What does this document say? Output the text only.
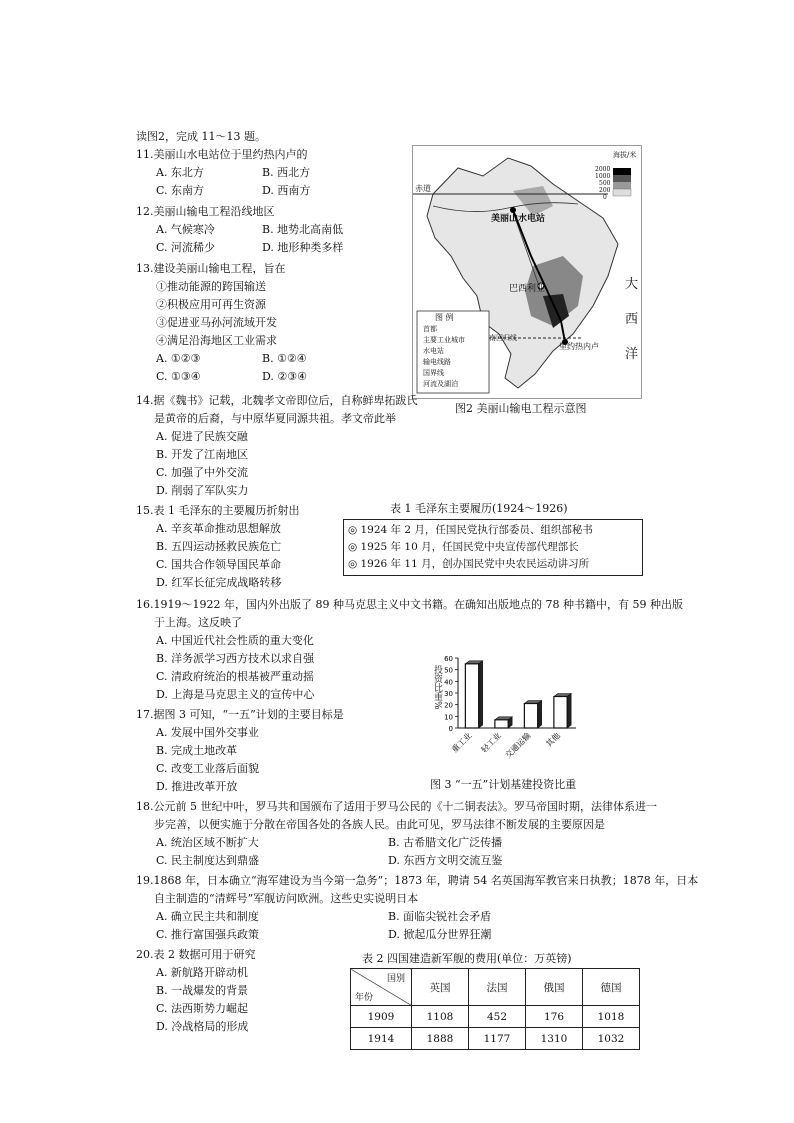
读图2，完成 11～13 题。
11.美丽山水电站位于里约热内卢的
A. 东北方	B. 西北方
C. 东南方	D. 西南方
12.美丽山输电工程沿线地区
A. 气候寒冷	B. 地势北高南低
C. 河流稀少	D. 地形种类多样
13.建设美丽山输电工程，旨在
①推动能源的跨国输送
②积极应用可再生资源
③促进亚马孙河流域开发
④满足沿海地区工业需求
A. ①②③	B. ①②④
C. ①③④	D. ②③④
海拔/米
2000
1000
500
200
0
赤道
美丽山水电站
巴西利亚
里约热内卢
南回归线
大
西
洋
图 例
首都
主要工业城市
水电站
输电线路
国界线
河流及湖泊
图2 美丽山输电工程示意图
14.据《魏书》记载，北魏孝文帝即位后，自称鲜卑拓跋氏
是黄帝的后裔，与中原华夏同源共祖。孝文帝此举
A. 促进了民族交融
B. 开发了江南地区
C. 加强了中外交流
D. 削弱了军队实力
15.表 1 毛泽东的主要履历折射出
A. 辛亥革命推动思想解放
B. 五四运动拯救民族危亡
C. 国共合作领导国民革命
D. 红军长征完成战略转移
表 1 毛泽东主要履历(1924～1926)
◎ 1924 年 2 月，任国民党执行部委员、组织部秘书
◎ 1925 年 10 月，任国民党中央宣传部代理部长
◎ 1926 年 11 月，创办国民党中央农民运动讲习所
16.1919～1922 年，国内外出版了 89 种马克思主义中文书籍。在确知出版地点的 78 种书籍中，有 59 种出版
于上海。这反映了
A. 中国近代社会性质的重大变化
B. 洋务派学习西方技术以求自强
C. 清政府统治的根基被严重动摇
D. 上海是马克思主义的宣传中心
17.据图 3 可知，“一五”计划的主要目标是
A. 发展中国外交事业
B. 完成土地改革
C. 改变工业落后面貌
D. 推进改革开放
0
10
20
30
40
50
60
重工业 轻工业 交通运输 其他
投资比重%
图 3 “一五”计划基建投资比重
18.公元前 5 世纪中叶，罗马共和国颁布了适用于罗马公民的《十二铜表法》。罗马帝国时期，法律体系进一
步完善，以便实施于分散在帝国各处的各族人民。由此可见，罗马法律不断发展的主要原因是
A. 统治区域不断扩大	B. 古希腊文化广泛传播
C. 民主制度达到鼎盛	D. 东西方文明交流互鉴
19.1868 年，日本确立“海军建设为当今第一急务”；1873 年，聘请 54 名英国海军教官来日执教；1878 年，日本
自主制造的“清辉号”军舰访问欧洲。这些史实说明日本
A. 确立民主共和制度	B. 面临尖锐社会矛盾
C. 推行富国强兵政策	D. 掀起瓜分世界狂潮
20.表 2 数据可用于研究
A. 新航路开辟动机
B. 一战爆发的背景
C. 法西斯势力崛起
D. 冷战格局的形成
表 2 四国建造新军舰的费用(单位：万英镑)
国别
年份	英国	法国	俄国	德国
1909	1108	452	176	1018
1914	1888	1177	1310	1032
